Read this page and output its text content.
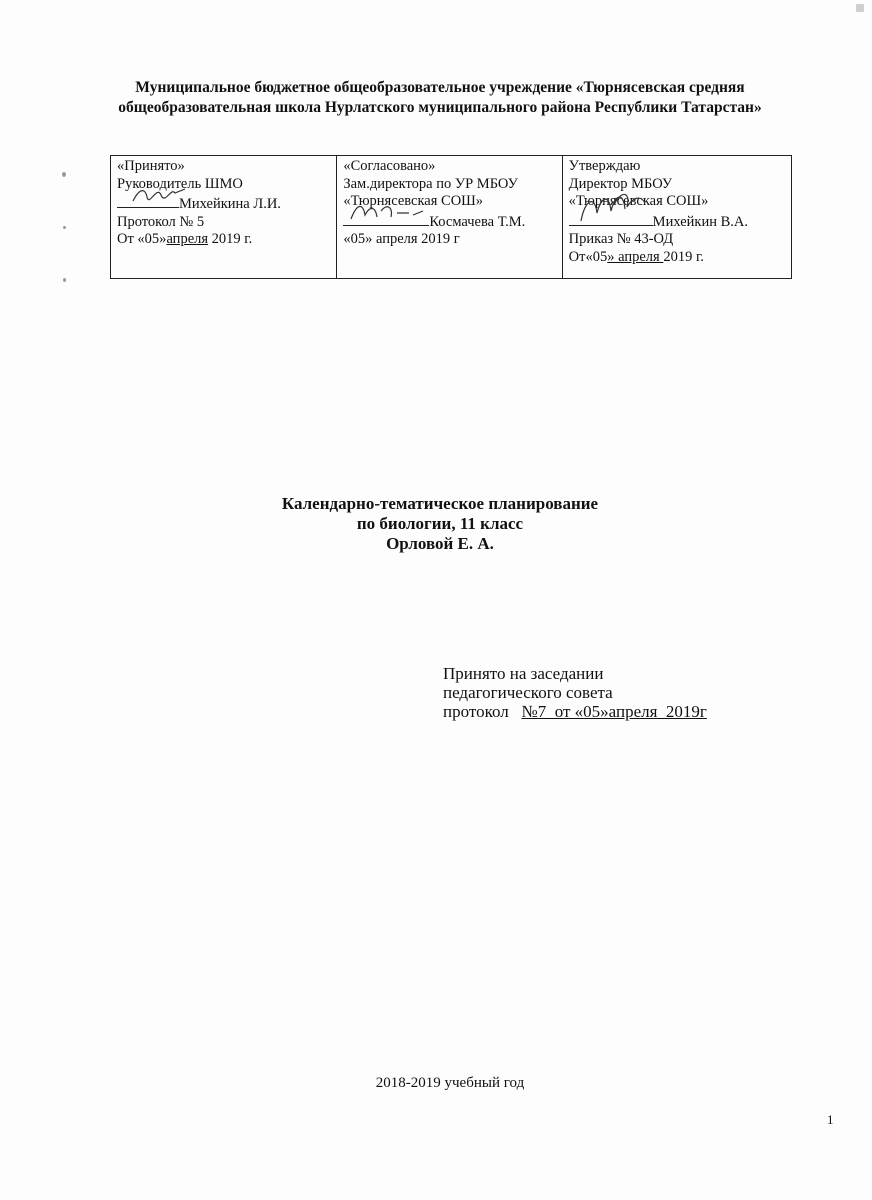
Муниципальное бюджетное общеобразовательное учреждение «Тюрнясевская средняя
общеобразовательная школа Нурлатского муниципального района Республики Татарстан»
«Принято»
Руководитель ШМО
Михейкина Л.И.
Протокол № 5
От «05»апреля 2019 г.
«Согласовано»
Зам.директора по УР МБОУ
«Тюрнясевская СОШ»
Космачева Т.М.
«05» апреля 2019 г
Утверждаю
Директор МБОУ
«Тюрнясевская СОШ»
Михейкин В.А.
Приказ № 43-ОД
От«05» апреля 2019 г.
Календарно-тематическое планирование
по биологии, 11 класс
Орловой Е. А.
Принято на заседании
педагогического совета
протокол   №7  от «05»апреля  2019г
2018-2019 учебный год
1
